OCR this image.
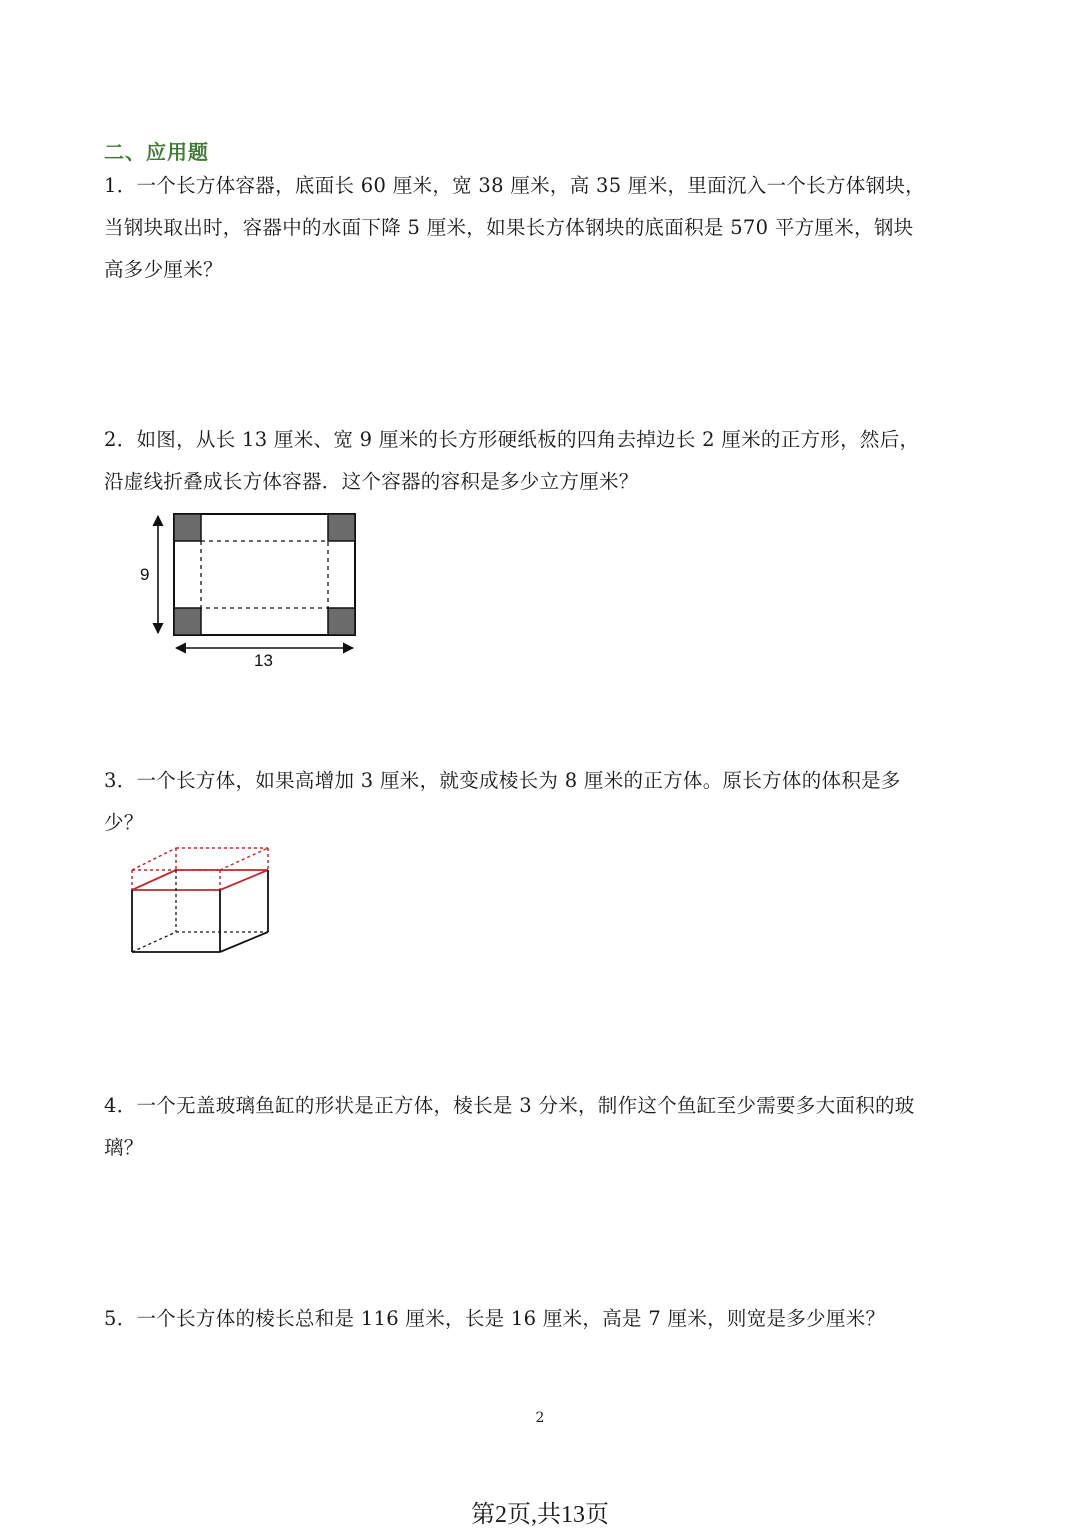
二、应用题
1．一个长方体容器，底面长 60 厘米，宽 38 厘米，高 35 厘米，里面沉入一个长方体钢块，
当钢块取出时，容器中的水面下降 5 厘米，如果长方体钢块的底面积是 570 平方厘米，钢块
高多少厘米？
2．如图，从长 13 厘米、宽 9 厘米的长方形硬纸板的四角去掉边长 2 厘米的正方形，然后，
沿虚线折叠成长方体容器．这个容器的容积是多少立方厘米？
9
13
3．一个长方体，如果高增加 3 厘米，就变成棱长为 8 厘米的正方体。原长方体的体积是多
少？
4．一个无盖玻璃鱼缸的形状是正方体，棱长是 3 分米，制作这个鱼缸至少需要多大面积的玻
璃？
5．一个长方体的棱长总和是 116 厘米，长是 16 厘米，高是 7 厘米，则宽是多少厘米？
2
第2页,共13页
